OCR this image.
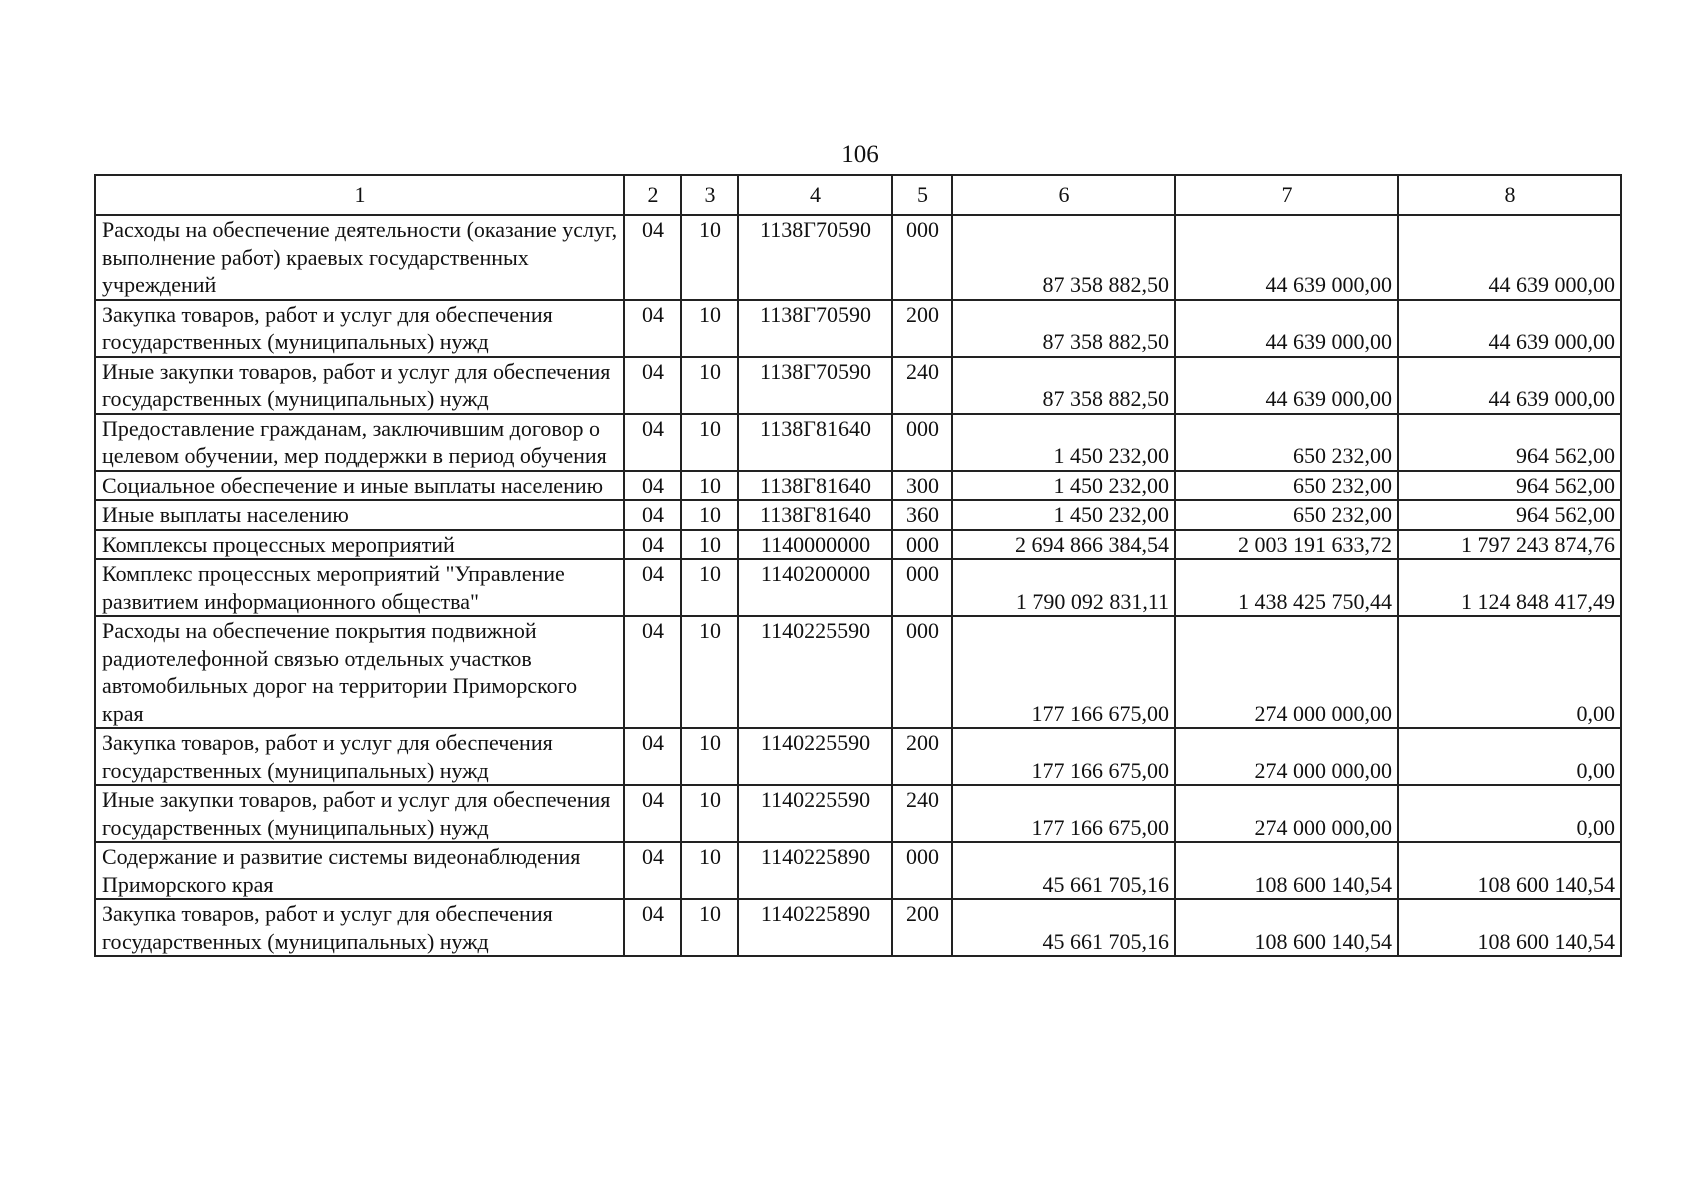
106
1	2	3	4	5	6	7	8
Расходы на обеспечение деятельности (оказание услуг, выполнение работ) краевых государственных учреждений	04	10	1138Г70590	000	87 358 882,50	44 639 000,00	44 639 000,00
Закупка товаров, работ и услуг для обеспечения государственных (муниципальных) нужд	04	10	1138Г70590	200	87 358 882,50	44 639 000,00	44 639 000,00
Иные закупки товаров, работ и услуг для обеспечения государственных (муниципальных) нужд	04	10	1138Г70590	240	87 358 882,50	44 639 000,00	44 639 000,00
Предоставление гражданам, заключившим договор о целевом обучении, мер поддержки в период обучения	04	10	1138Г81640	000	1 450 232,00	650 232,00	964 562,00
Социальное обеспечение и иные выплаты населению	04	10	1138Г81640	300	1 450 232,00	650 232,00	964 562,00
Иные выплаты населению	04	10	1138Г81640	360	1 450 232,00	650 232,00	964 562,00
Комплексы процессных мероприятий	04	10	1140000000	000	2 694 866 384,54	2 003 191 633,72	1 797 243 874,76
Комплекс процессных мероприятий "Управление развитием информационного общества"	04	10	1140200000	000	1 790 092 831,11	1 438 425 750,44	1 124 848 417,49
Расходы на обеспечение покрытия подвижной радиотелефонной связью отдельных участков автомобильных дорог на территории Приморского края	04	10	1140225590	000	177 166 675,00	274 000 000,00	0,00
Закупка товаров, работ и услуг для обеспечения государственных (муниципальных) нужд	04	10	1140225590	200	177 166 675,00	274 000 000,00	0,00
Иные закупки товаров, работ и услуг для обеспечения государственных (муниципальных) нужд	04	10	1140225590	240	177 166 675,00	274 000 000,00	0,00
Содержание и развитие системы видеонаблюдения Приморского края	04	10	1140225890	000	45 661 705,16	108 600 140,54	108 600 140,54
Закупка товаров, работ и услуг для обеспечения государственных (муниципальных) нужд	04	10	1140225890	200	45 661 705,16	108 600 140,54	108 600 140,54
